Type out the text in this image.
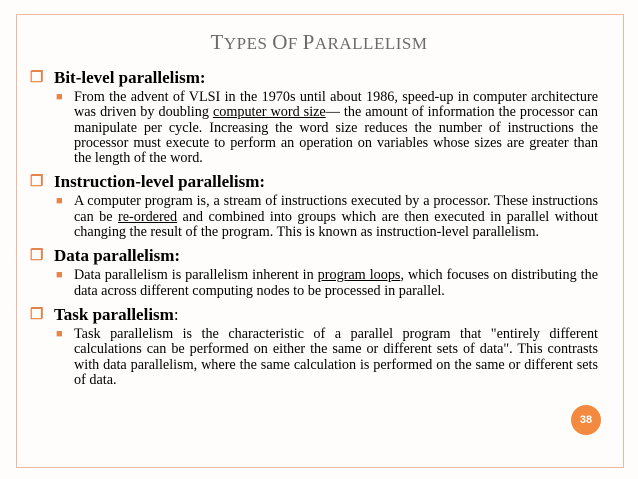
TYPES OF PARALLELISM
❐ Bit-level parallelism:
■ From the advent of VLSI in the 1970s until about 1986, speed-up in computer architecture was driven by doubling computer word size— the amount of information the processor can manipulate per cycle. Increasing the word size reduces the number of instructions the processor must execute to perform an operation on variables whose sizes are greater than the length of the word.
❐ Instruction-level parallelism:
■ A computer program is, a stream of instructions executed by a processor. These instructions can be re-ordered and combined into groups which are then executed in parallel without changing the result of the program. This is known as instruction-level parallelism.
❐ Data parallelism:
■ Data parallelism is parallelism inherent in program loops, which focuses on distributing the data across different computing nodes to be processed in parallel.
❐ Task parallelism:
■ Task parallelism is the characteristic of a parallel program that "entirely different calculations can be performed on either the same or different sets of data". This contrasts with data parallelism, where the same calculation is performed on the same or different sets of data.
38
